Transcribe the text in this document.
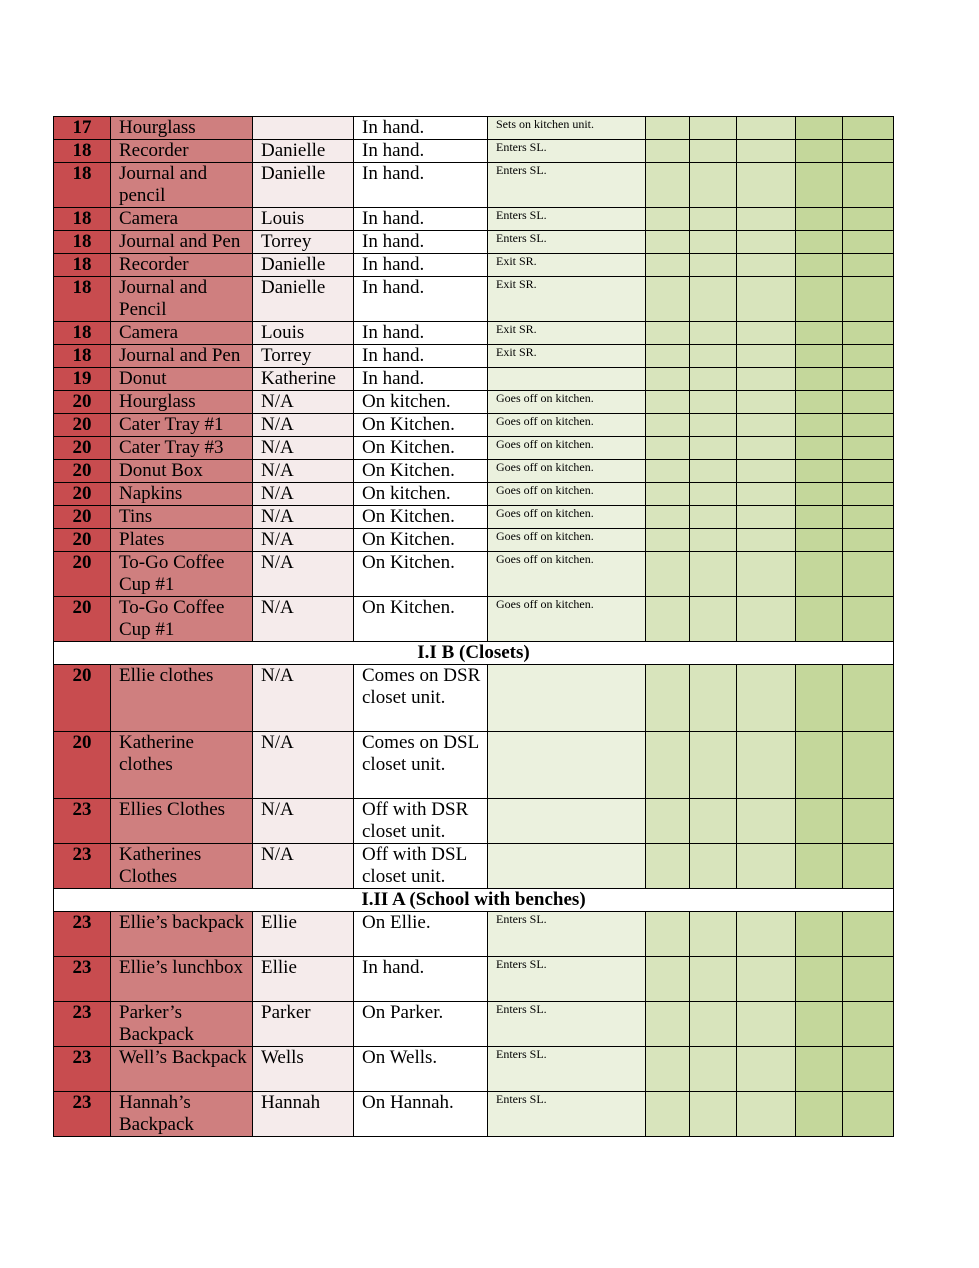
17	Hourglass		In hand.	Sets on kitchen unit.					
18	Recorder	Danielle	In hand.	Enters SL.					
18	Journal and pencil	Danielle	In hand.	Enters SL.					
18	Camera	Louis	In hand.	Enters SL.					
18	Journal and Pen	Torrey	In hand.	Enters SL.					
18	Recorder	Danielle	In hand.	Exit SR.					
18	Journal and Pencil	Danielle	In hand.	Exit SR.					
18	Camera	Louis	In hand.	Exit SR.					
18	Journal and Pen	Torrey	In hand.	Exit SR.					
19	Donut	Katherine	In hand.						
20	Hourglass	N/A	On kitchen.	Goes off on kitchen.					
20	Cater Tray #1	N/A	On Kitchen.	Goes off on kitchen.					
20	Cater Tray #3	N/A	On Kitchen.	Goes off on kitchen.					
20	Donut Box	N/A	On Kitchen.	Goes off on kitchen.					
20	Napkins	N/A	On kitchen.	Goes off on kitchen.					
20	Tins	N/A	On Kitchen.	Goes off on kitchen.					
20	Plates	N/A	On Kitchen.	Goes off on kitchen.					
20	To-Go Coffee Cup #1	N/A	On Kitchen.	Goes off on kitchen.					
20	To-Go Coffee Cup #1	N/A	On Kitchen.	Goes off on kitchen.					
I.I B (Closets)									
20	Ellie clothes	N/A	Comes on DSR closet unit.						
20	Katherine clothes	N/A	Comes on DSL closet unit.						
23	Ellies Clothes	N/A	Off with DSR closet unit.						
23	Katherines Clothes	N/A	Off with DSL closet unit.						
I.II A (School with benches)									
23	Ellie’s backpack	Ellie	On Ellie.	Enters SL.					
23	Ellie’s lunchbox	Ellie	In hand.	Enters SL.					
23	Parker’s Backpack	Parker	On Parker.	Enters SL.					
23	Well’s Backpack	Wells	On Wells.	Enters SL.					
23	Hannah’s Backpack	Hannah	On Hannah.	Enters SL.					
